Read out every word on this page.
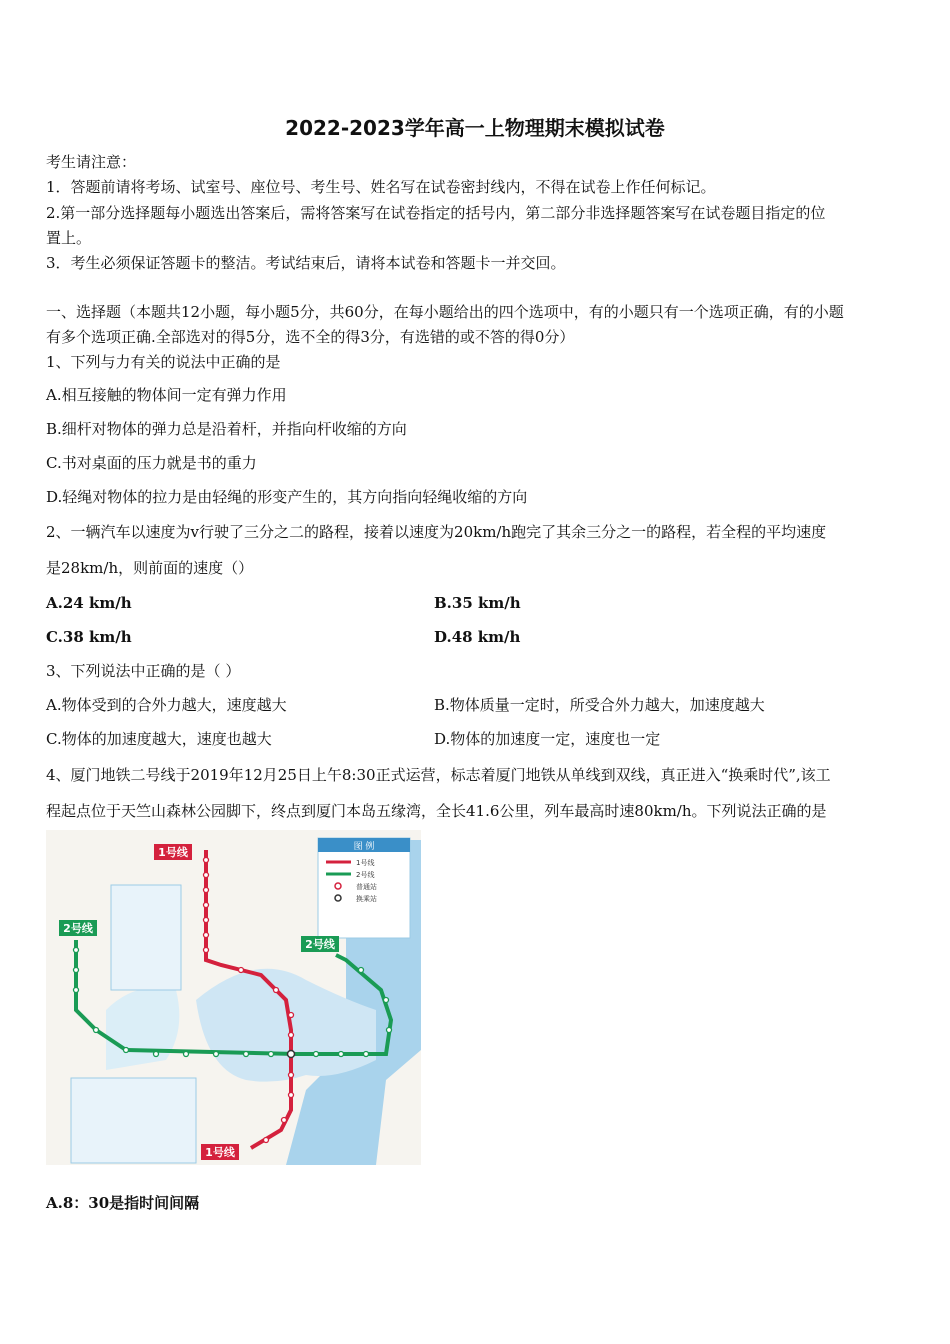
2022-2023学年高一上物理期末模拟试卷
考生请注意：
1．答题前请将考场、试室号、座位号、考生号、姓名写在试卷密封线内，不得在试卷上作任何标记。
2.第一部分选择题每小题选出答案后，需将答案写在试卷指定的括号内，第二部分非选择题答案写在试卷题目指定的位
置上。
3．考生必须保证答题卡的整洁。考试结束后，请将本试卷和答题卡一并交回。
一、选择题（本题共12小题，每小题5分，共60分，在每小题给出的四个选项中，有的小题只有一个选项正确，有的小题
有多个选项正确.全部选对的得5分，选不全的得3分，有选错的或不答的得0分）
1、下列与力有关的说法中正确的是
A.相互接触的物体间一定有弹力作用
B.细杆对物体的弹力总是沿着杆，并指向杆收缩的方向
C.书对桌面的压力就是书的重力
D.轻绳对物体的拉力是由轻绳的形变产生的，其方向指向轻绳收缩的方向
2、一辆汽车以速度为v行驶了三分之二的路程，接着以速度为20km/h跑完了其余三分之一的路程，若全程的平均速度
是28km/h，则前面的速度（）
A.24 km/h	B.35 km/h
C.38 km/h	D.48 km/h
3、下列说法中正确的是（ ）
A.物体受到的合外力越大，速度越大	B.物体质量一定时，所受合外力越大，加速度越大
C.物体的加速度越大，速度也越大	D.物体的加速度一定，速度也一定
4、厦门地铁二号线于2019年12月25日上午8:30正式运营，标志着厦门地铁从单线到双线，真正进入“换乘时代”,该工
程起点位于天竺山森林公园脚下，终点到厦门本岛五缘湾，全长41.6公里，列车最高时速80km/h。下列说法正确的是
图 例
1号线
2号线
普通站
换乘站
1号线
1号线
2号线
2号线
A.8：30是指时间间隔
